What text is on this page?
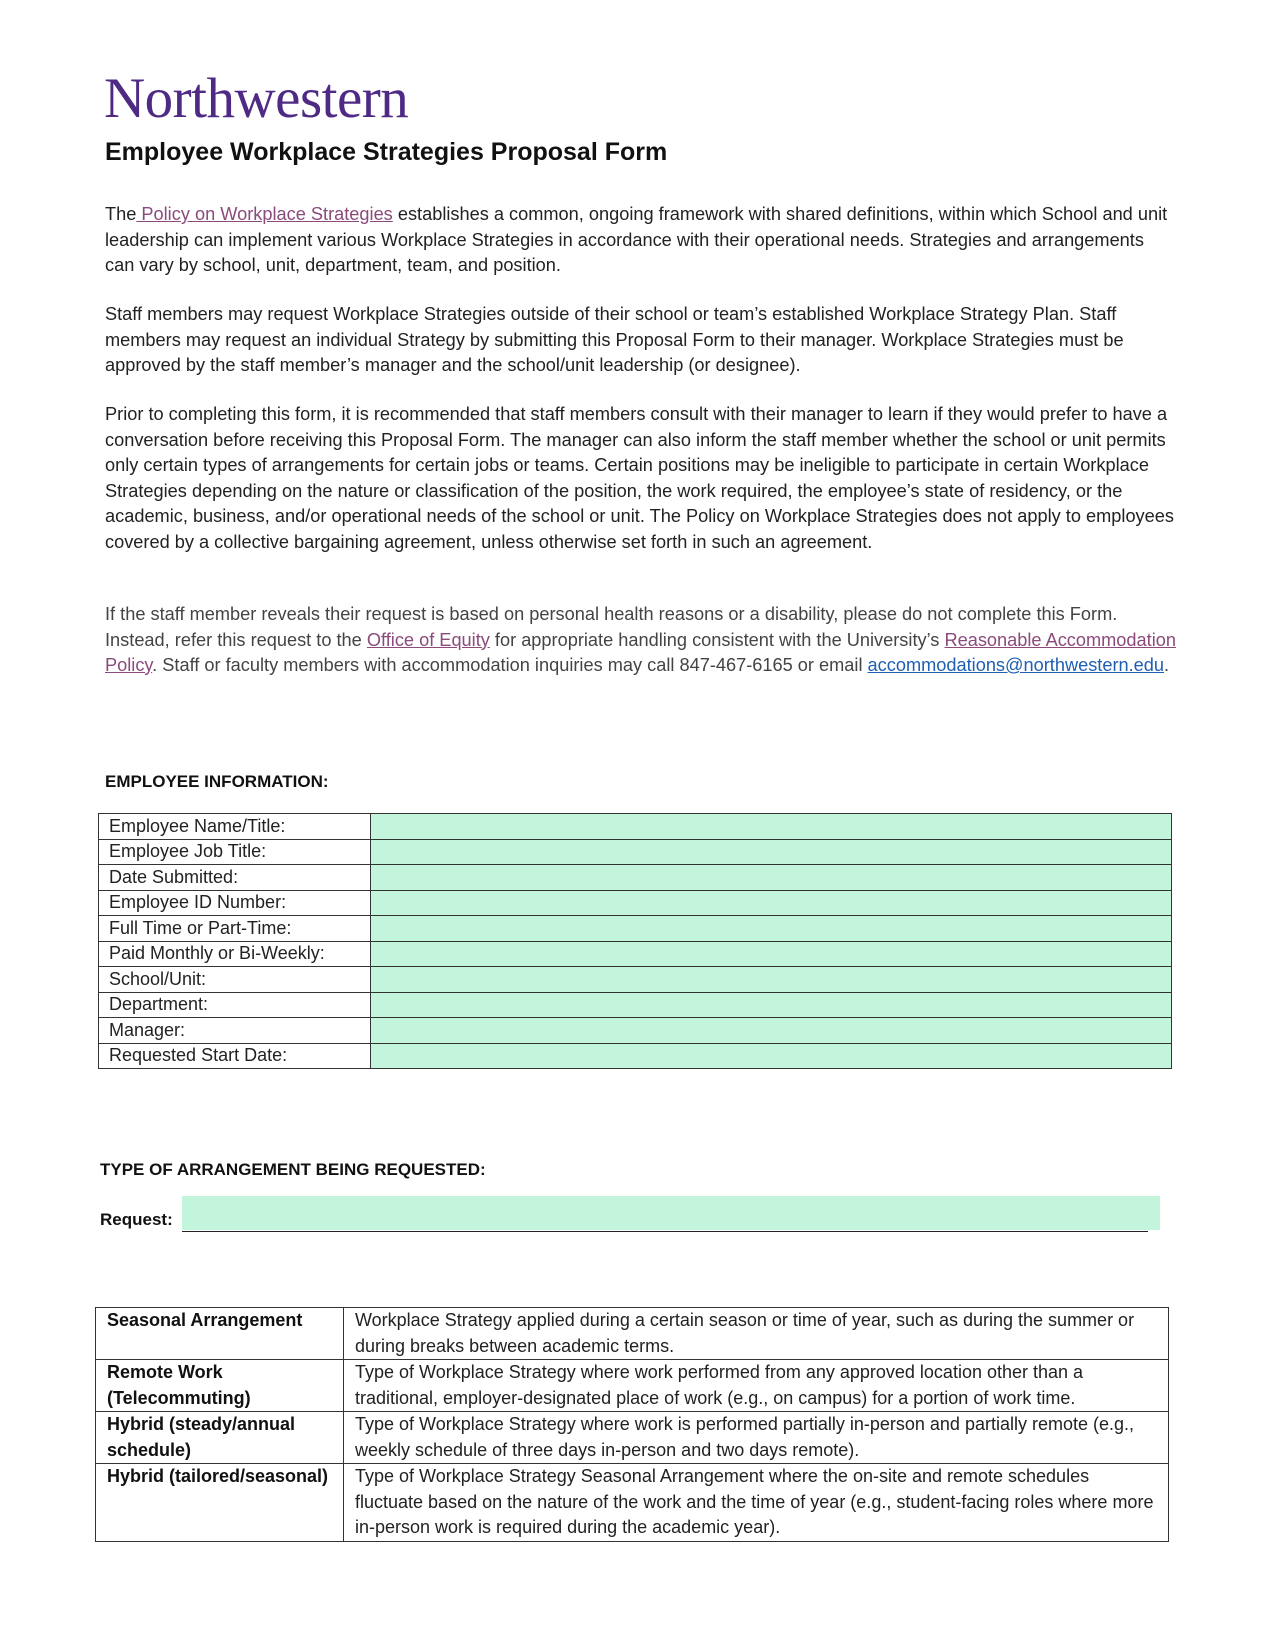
Northwestern
Employee Workplace Strategies Proposal Form

The Policy on Workplace Strategies establishes a common, ongoing framework with shared definitions, within which School and unit leadership can implement various Workplace Strategies in accordance with their operational needs. Strategies and arrangements can vary by school, unit, department, team, and position.

Staff members may request Workplace Strategies outside of their school or team’s established Workplace Strategy Plan. Staff members may request an individual Strategy by submitting this Proposal Form to their manager. Workplace Strategies must be approved by the staff member’s manager and the school/unit leadership (or designee).

Prior to completing this form, it is recommended that staff members consult with their manager to learn if they would prefer to have a conversation before receiving this Proposal Form. The manager can also inform the staff member whether the school or unit permits only certain types of arrangements for certain jobs or teams. Certain positions may be ineligible to participate in certain Workplace Strategies depending on the nature or classification of the position, the work required, the employee’s state of residency, or the academic, business, and/or operational needs of the school or unit. The Policy on Workplace Strategies does not apply to employees covered by a collective bargaining agreement, unless otherwise set forth in such an agreement.

If the staff member reveals their request is based on personal health reasons or a disability, please do not complete this Form. Instead, refer this request to the Office of Equity for appropriate handling consistent with the University’s Reasonable Accommodation Policy. Staff or faculty members with accommodation inquiries may call 847-467-6165 or email accommodations@northwestern.edu.

EMPLOYEE INFORMATION:
Employee Name/Title:	
Employee Job Title:	
Date Submitted:	
Employee ID Number:	
Full Time or Part-Time:	
Paid Monthly or Bi-Weekly:	
School/Unit:	
Department:	
Manager:	
Requested Start Date:	
TYPE OF ARRANGEMENT BEING REQUESTED:
Request:
Seasonal Arrangement	Workplace Strategy applied during a certain season or time of year, such as during the summer or during breaks between academic terms.
Remote Work (Telecommuting)	Type of Workplace Strategy where work performed from any approved location other than a traditional, employer-designated place of work (e.g., on campus) for a portion of work time.
Hybrid (steady/annual schedule)	Type of Workplace Strategy where work is performed partially in-person and partially remote (e.g., weekly schedule of three days in-person and two days remote).
Hybrid (tailored/seasonal)	Type of Workplace Strategy Seasonal Arrangement where the on-site and remote schedules fluctuate based on the nature of the work and the time of year (e.g., student-facing roles where more in-person work is required during the academic year).
